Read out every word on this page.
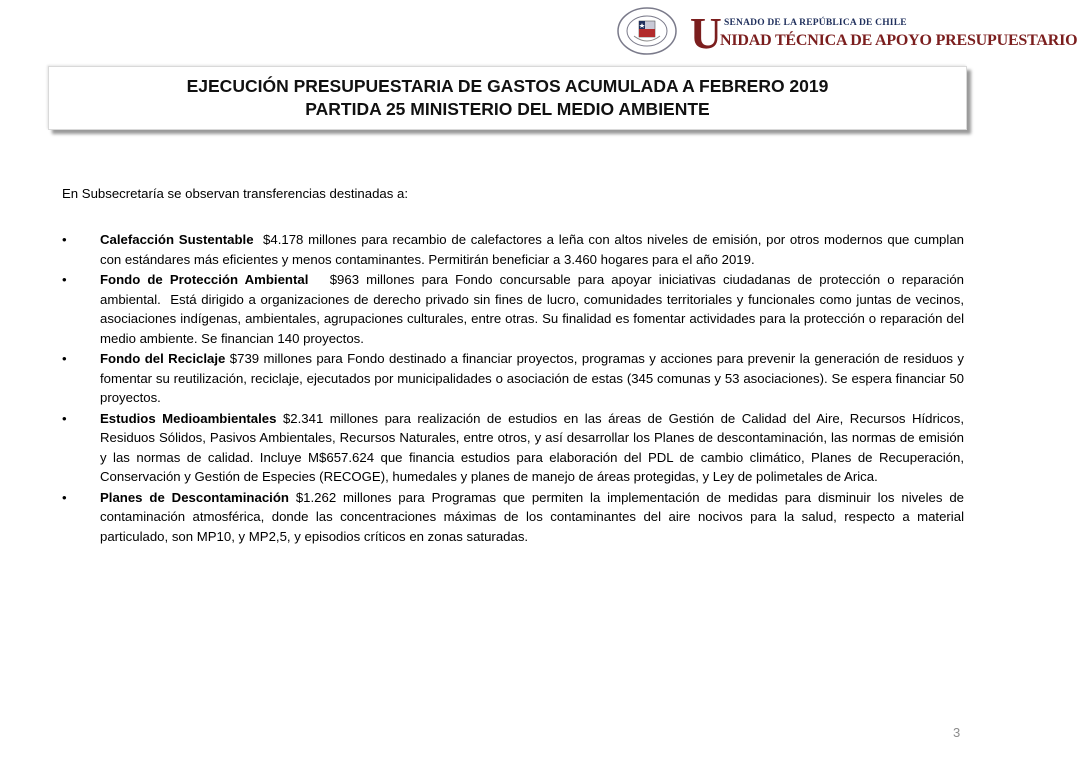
U SENADO DE LA REPÚBLICA DE CHILE
NIDAD TÉCNICA DE APOYO PRESUPUESTARIO
EJECUCIÓN PRESUPUESTARIA DE GASTOS ACUMULADA A FEBRERO 2019
PARTIDA 25 MINISTERIO DEL MEDIO AMBIENTE
En Subsecretaría se observan transferencias destinadas a:
•	Calefacción Sustentable  $4.178 millones para recambio de calefactores a leña con altos niveles de emisión, por otros modernos que cumplan con estándares más eficientes y menos contaminantes. Permitirán beneficiar a 3.460 hogares para el año 2019.
•	Fondo de Protección Ambiental   $963 millones para Fondo concursable para apoyar iniciativas ciudadanas de protección o reparación ambiental.  Está dirigido a organizaciones de derecho privado sin fines de lucro, comunidades territoriales y funcionales como juntas de vecinos, asociaciones indígenas, ambientales, agrupaciones culturales, entre otras. Su finalidad es fomentar actividades para la protección o reparación del medio ambiente. Se financian 140 proyectos.
•	Fondo del Reciclaje $739 millones para Fondo destinado a financiar proyectos, programas y acciones para prevenir la generación de residuos y fomentar su reutilización, reciclaje, ejecutados por municipalidades o asociación de estas (345 comunas y 53 asociaciones). Se espera financiar 50 proyectos.
•	Estudios Medioambientales $2.341 millones para realización de estudios en las áreas de Gestión de Calidad del Aire, Recursos Hídricos, Residuos Sólidos, Pasivos Ambientales, Recursos Naturales, entre otros, y así desarrollar los Planes de descontaminación, las normas de emisión y las normas de calidad. Incluye M$657.624 que financia estudios para elaboración del PDL de cambio climático, Planes de Recuperación, Conservación y Gestión de Especies (RECOGE), humedales y planes de manejo de áreas protegidas, y Ley de polimetales de Arica.
•	Planes de Descontaminación $1.262 millones para Programas que permiten la implementación de medidas para disminuir los niveles de contaminación atmosférica, donde las concentraciones máximas de los contaminantes del aire nocivos para la salud, respecto a material particulado, son MP10, y MP2,5, y episodios críticos en zonas saturadas.
3
